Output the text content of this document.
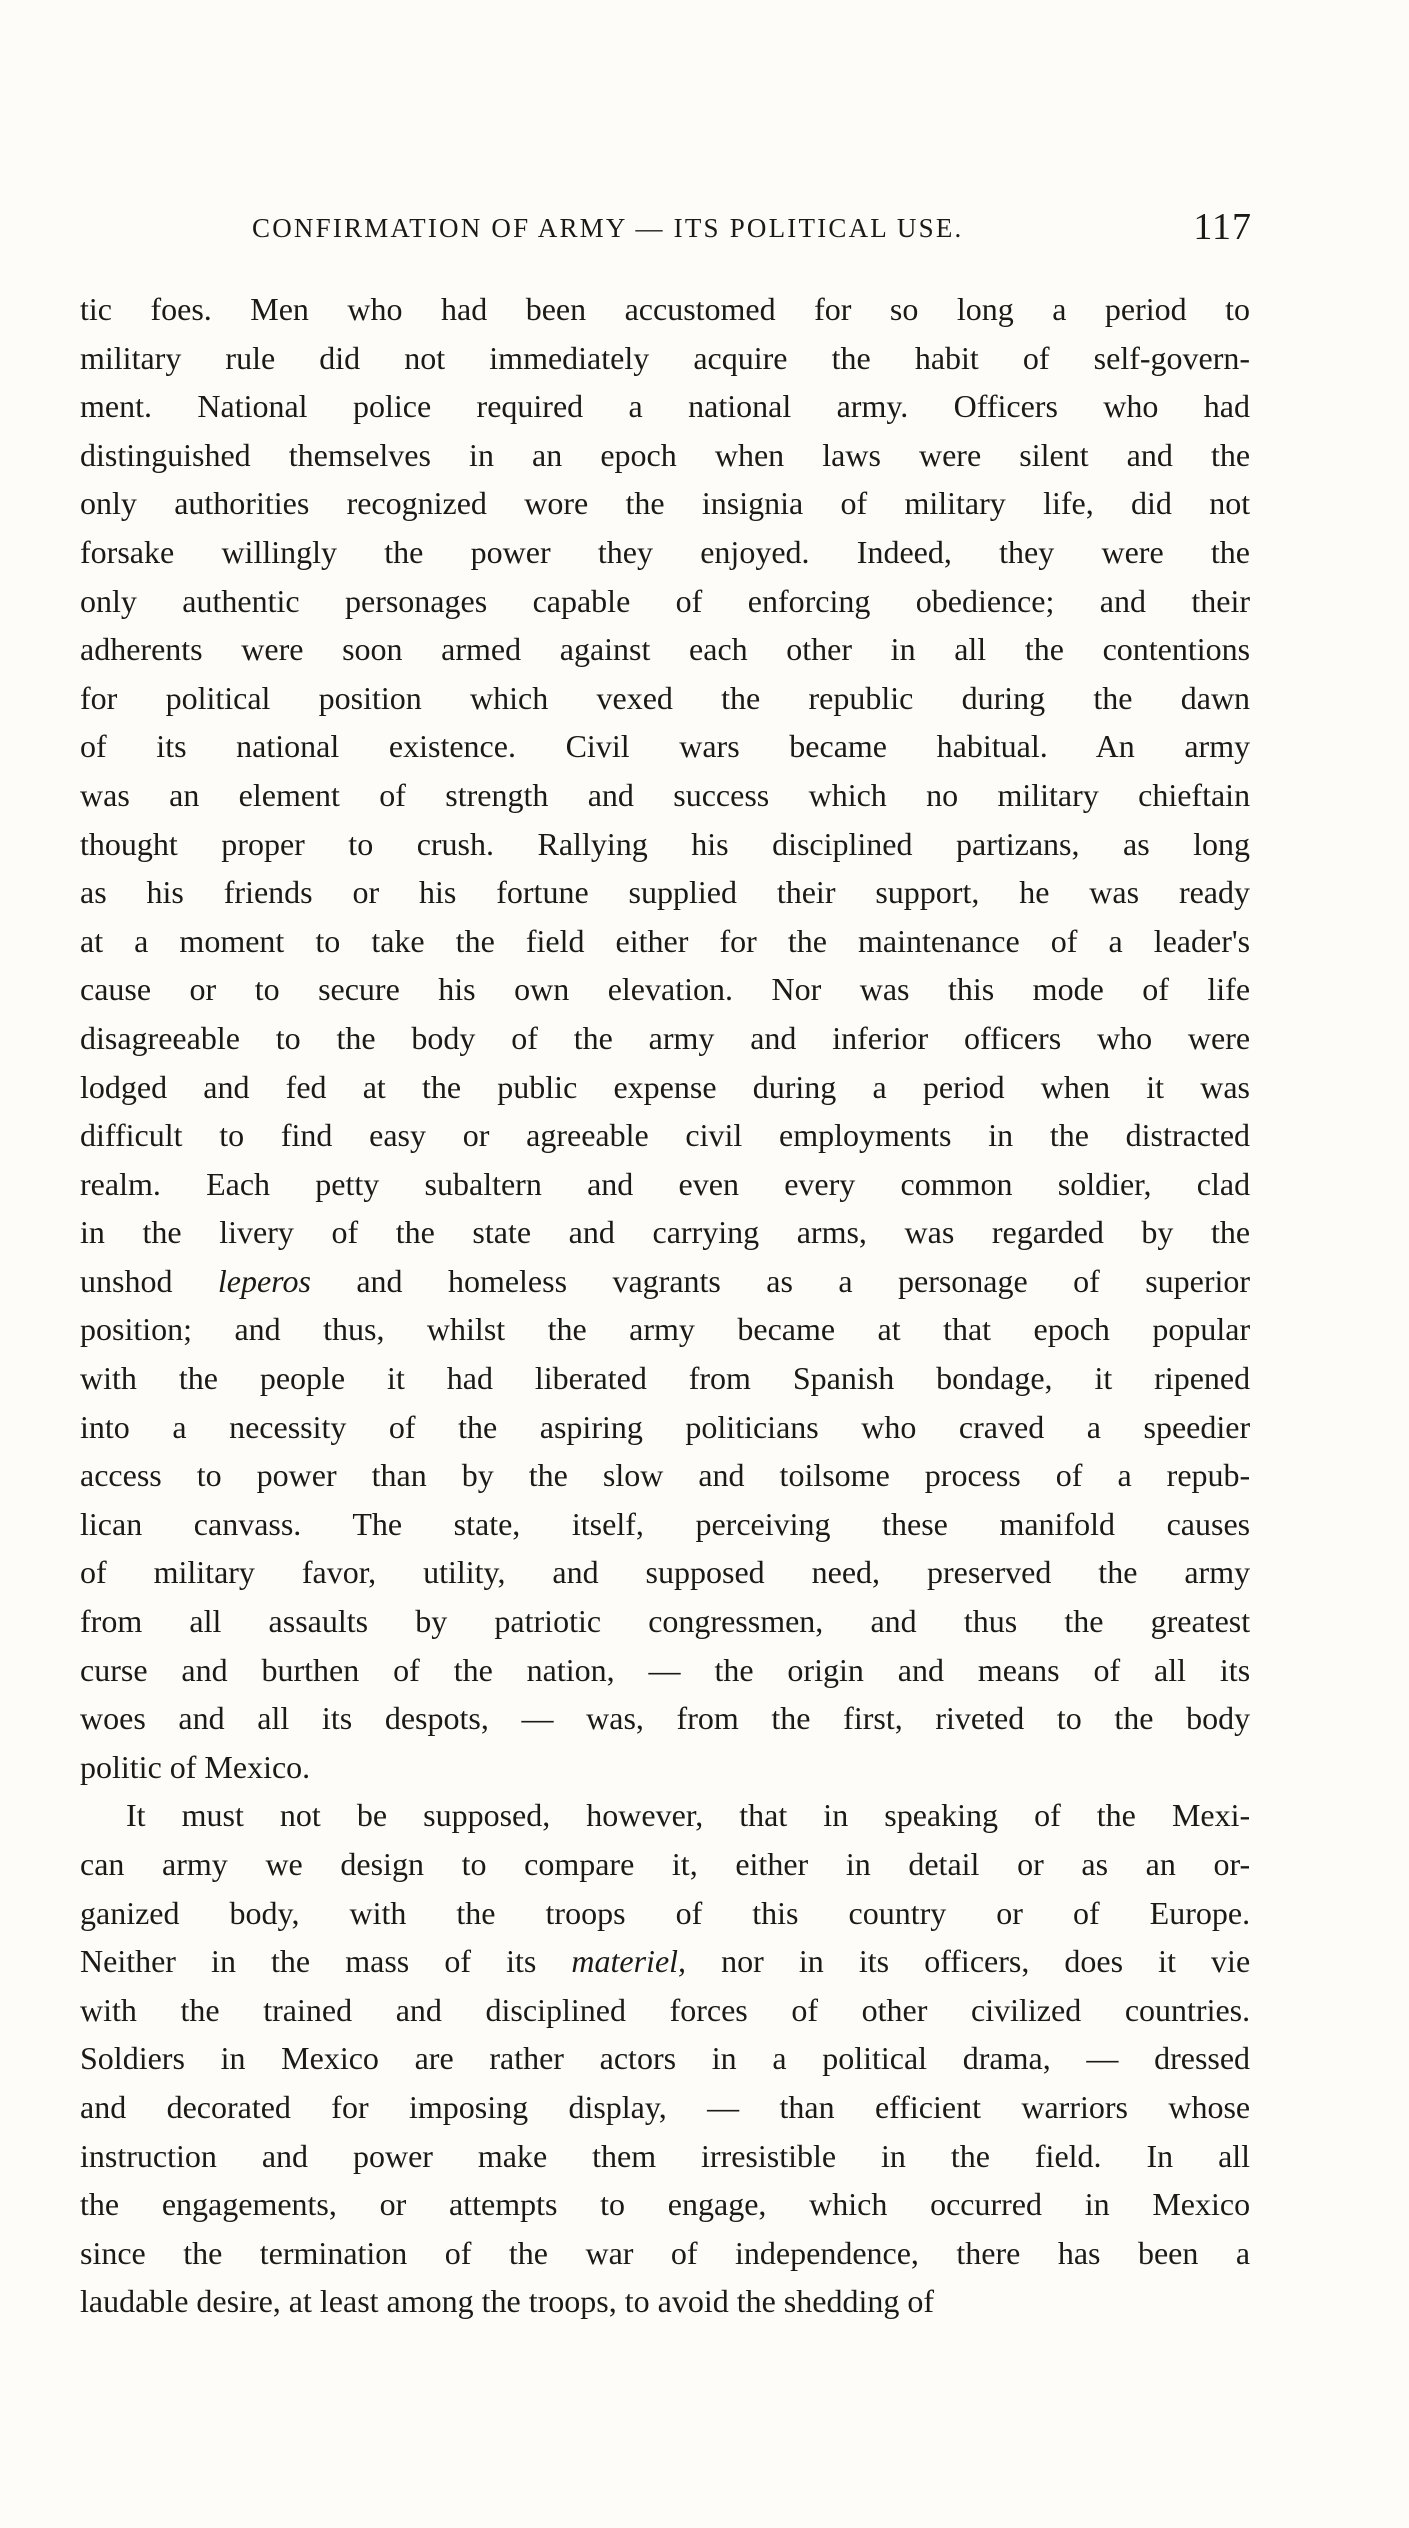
CONFIRMATION OF ARMY — ITS POLITICAL USE.	117
tic foes. Men who had been accustomed for so long a period to
military rule did not immediately acquire the habit of self-govern-
ment. National police required a national army. Officers who had
distinguished themselves in an epoch when laws were silent and the
only authorities recognized wore the insignia of military life, did not
forsake willingly the power they enjoyed. Indeed, they were the
only authentic personages capable of enforcing obedience; and their
adherents were soon armed against each other in all the contentions
for political position which vexed the republic during the dawn
of its national existence. Civil wars became habitual. An army
was an element of strength and success which no military chieftain
thought proper to crush. Rallying his disciplined partizans, as long
as his friends or his fortune supplied their support, he was ready
at a moment to take the field either for the maintenance of a leader's
cause or to secure his own elevation. Nor was this mode of life
disagreeable to the body of the army and inferior officers who were
lodged and fed at the public expense during a period when it was
difficult to find easy or agreeable civil employments in the distracted
realm. Each petty subaltern and even every common soldier, clad
in the livery of the state and carrying arms, was regarded by the
unshod leperos and homeless vagrants as a personage of superior
position; and thus, whilst the army became at that epoch popular
with the people it had liberated from Spanish bondage, it ripened
into a necessity of the aspiring politicians who craved a speedier
access to power than by the slow and toilsome process of a repub-
lican canvass. The state, itself, perceiving these manifold causes
of military favor, utility, and supposed need, preserved the army
from all assaults by patriotic congressmen, and thus the greatest
curse and burthen of the nation, — the origin and means of all its
woes and all its despots, — was, from the first, riveted to the body
politic of Mexico.
It must not be supposed, however, that in speaking of the Mexi-
can army we design to compare it, either in detail or as an or-
ganized body, with the troops of this country or of Europe.
Neither in the mass of its materiel, nor in its officers, does it vie
with the trained and disciplined forces of other civilized countries.
Soldiers in Mexico are rather actors in a political drama, — dressed
and decorated for imposing display, — than efficient warriors whose
instruction and power make them irresistible in the field. In all
the engagements, or attempts to engage, which occurred in Mexico
since the termination of the war of independence, there has been a
laudable desire, at least among the troops, to avoid the shedding of
